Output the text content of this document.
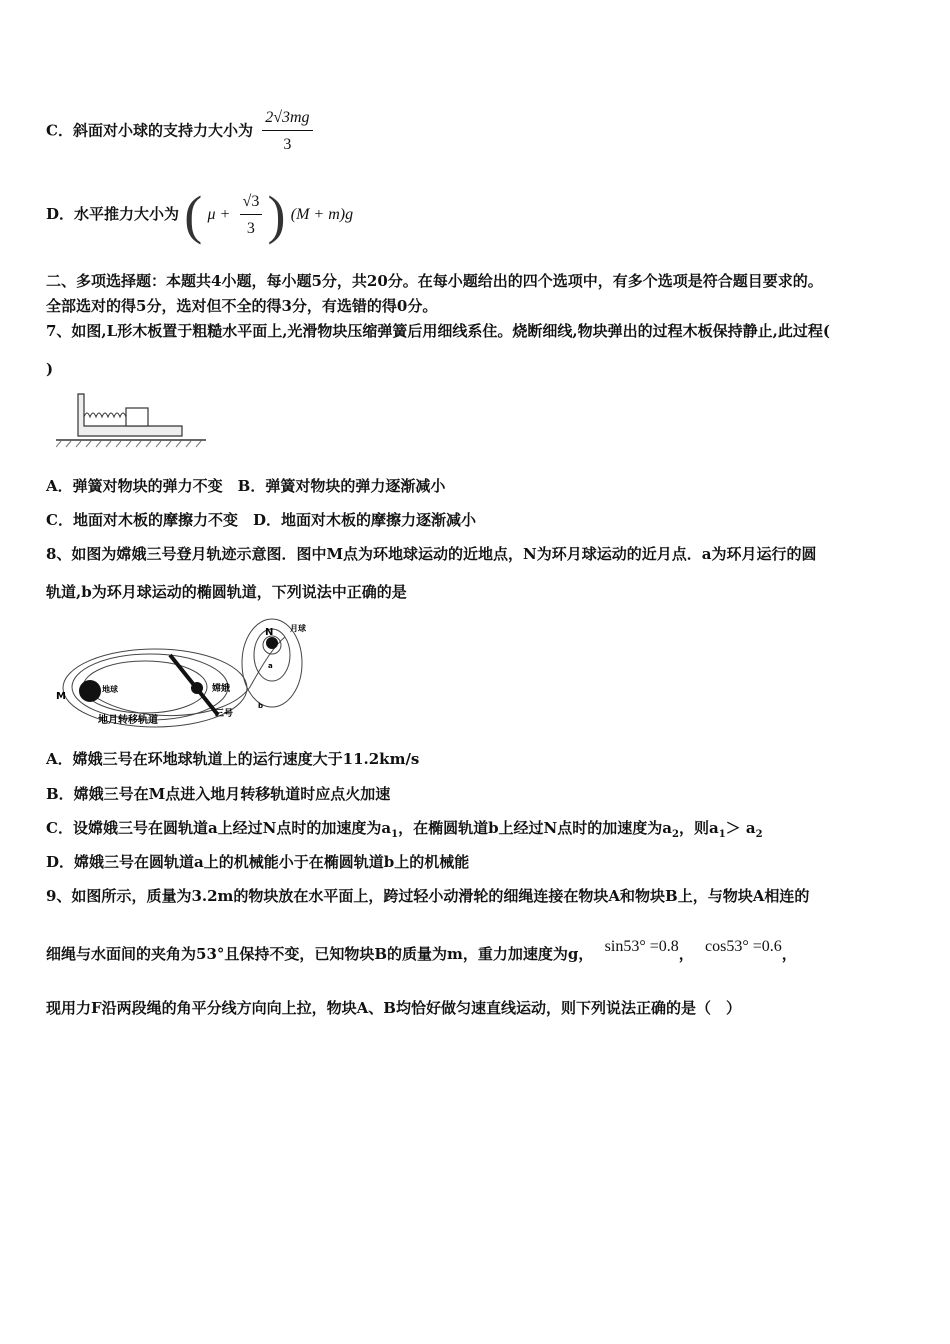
C．斜面对小球的支持力大小为 $\frac{2√3mg}{3}$
D．水平推力大小为 ( $\mu + \frac{√3}{3}$ ) (M + m)g
二、多项选择题：本题共4小题，每小题5分，共20分。在每小题给出的四个选项中，有多个选项是符合题目要求的。
全部选对的得5分，选对但不全的得3分，有选错的得0分。
7、如图,L形木板置于粗糙水平面上,光滑物块压缩弹簧后用细线系住。烧断细线,物块弹出的过程木板保持静止,此过程(
)
A．弹簧对物块的弹力不变　B．弹簧对物块的弹力逐渐减小
C．地面对木板的摩擦力不变　D．地面对木板的摩擦力逐渐减小
8、如图为嫦娥三号登月轨迹示意图．图中M点为环地球运动的近地点，N为环月球运动的近月点．a为环月运行的圆
轨道,b为环月球运动的椭圆轨道，下列说法中正确的是
M
地球
N 月球
a
b
嫦娥
三号
地月转移轨道
A．嫦娥三号在环地球轨道上的运行速度大于11.2km/s
B．嫦娥三号在M点进入地月转移轨道时应点火加速
C．设嫦娥三号在圆轨道a上经过N点时的加速度为$a_1$，在椭圆轨道b上经过N点时的加速度为$a_2$，则$a_1> a_2$
D．嫦娥三号在圆轨道a上的机械能小于在椭圆轨道b上的机械能
9、如图所示，质量为3.2m的物块放在水平面上，跨过轻小动滑轮的细绳连接在物块A和物块B上，与物块A相连的
细绳与水面间的夹角为53°且保持不变，已知物块B的质量为m，重力加速度为g， sin53° =0.8， cos53° =0.6，
现用力F沿两段绳的角平分线方向向上拉，物块A、B均恰好做匀速直线运动，则下列说法正确的是（　）
